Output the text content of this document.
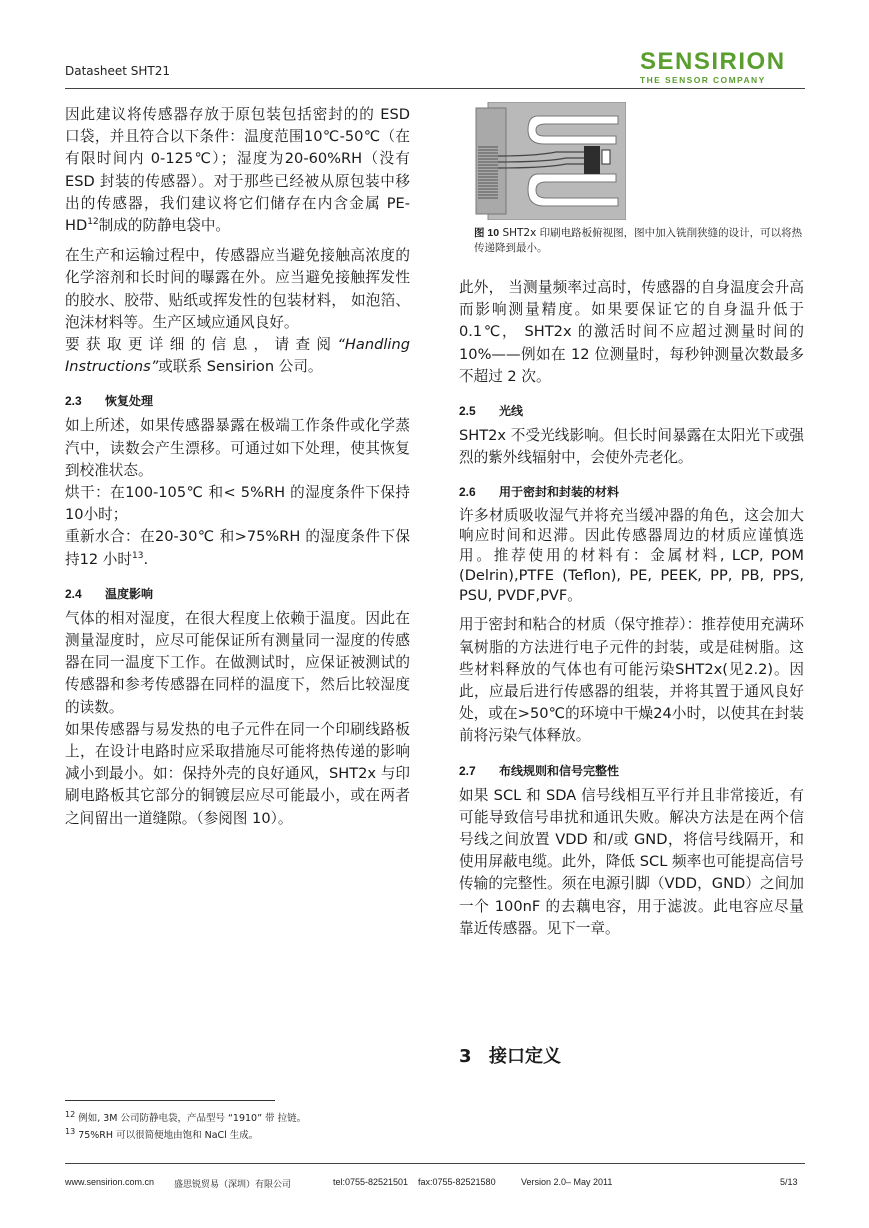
Datasheet SHT21	SENSIRION
THE SENSOR COMPANY

因此建议将传感器存放于原包装包括密封的的 ESD 口袋，并且符合以下条件：温度范围10℃-50℃（在有限时间内 0-125℃）；湿度为20-60%RH（没有 ESD 封装的传感器）。对于那些已经被从原包装中移出的传感器，我们建议将它们储存在内含金属 PE-HD$^{12}$制成的防静电袋中。

在生产和运输过程中，传感器应当避免接触高浓度的化学溶剂和长时间的曝露在外。应当避免接触挥发性的胶水、胶带、贴纸或挥发性的包装材料， 如泡箔、泡沫材料等。生产区域应通风良好。

要获取更详细的信息，请查阅“Handling Instructions”或联系 Sensirion 公司。

2.3 恢复处理

如上所述，如果传感器暴露在极端工作条件或化学蒸汽中，读数会产生漂移。可通过如下处理，使其恢复到校准状态。

烘干：在100-105℃ 和< 5%RH 的湿度条件下保持10小时；

重新水合：在20-30℃ 和>75%RH 的湿度条件下保持12 小时$^{13}$.

2.4 温度影响

气体的相对湿度，在很大程度上依赖于温度。因此在测量湿度时，应尽可能保证所有测量同一湿度的传感器在同一温度下工作。在做测试时，应保证被测试的传感器和参考传感器在同样的温度下，然后比较湿度的读数。

如果传感器与易发热的电子元件在同一个印刷线路板上，在设计电路时应采取措施尽可能将热传递的影响减小到最小。如：保持外壳的良好通风，SHT2x 与印刷电路板其它部分的铜镀层应尽可能最小，或在两者之间留出一道缝隙。（参阅图 10）。

图 10 SHT2x 印刷电路板俯视图，图中加入铣削狭缝的设计，可以将热传递降到最小。

此外， 当测量频率过高时，传感器的自身温度会升高而影响测量精度。如果要保证它的自身温升低于 0.1℃， SHT2x 的激活时间不应超过测量时间的 10%——例如在 12 位测量时，每秒钟测量次数最多不超过 2 次。

2.5 光线

SHT2x 不受光线影响。但长时间暴露在太阳光下或强烈的紫外线辐射中，会使外壳老化。

2.6 用于密封和封装的材料

许多材质吸收湿气并将充当缓冲器的角色，这会加大响应时间和迟滞。因此传感器周边的材质应谨慎选用。推荐使用的材料有：金属材料, LCP, POM (Delrin),PTFE (Teflon), PE, PEEK, PP, PB, PPS, PSU, PVDF,PVF。

用于密封和粘合的材质（保守推荐）：推荐使用充满环氧树脂的方法进行电子元件的封装，或是硅树脂。这些材料释放的气体也有可能污染SHT2x(见2.2)。因此，应最后进行传感器的组装，并将其置于通风良好处，或在>50℃的环境中干燥24小时，以使其在封装前将污染气体释放。

2.7 布线规则和信号完整性

如果 SCL 和 SDA 信号线相互平行并且非常接近，有可能导致信号串扰和通讯失败。解决方法是在两个信号线之间放置 VDD 和/或 GND，将信号线隔开，和使用屏蔽电缆。此外，降低 SCL 频率也可能提高信号传输的完整性。须在电源引脚（VDD，GND）之间加一个 100nF 的去藕电容，用于滤波。此电容应尽量靠近传感器。见下一章。

3 接口定义
$^{12}$ 例如, 3M 公司防静电袋，产品型号 “1910” 带 拉链。
$^{13}$ 75%RH 可以很简便地由饱和 NaCl 生成。
www.sensirion.com.cn 盛思锐贸易（深圳）有限公司	tel:0755-82521501 fax:0755-82521580	Version 2.0– May 2011	5/13
